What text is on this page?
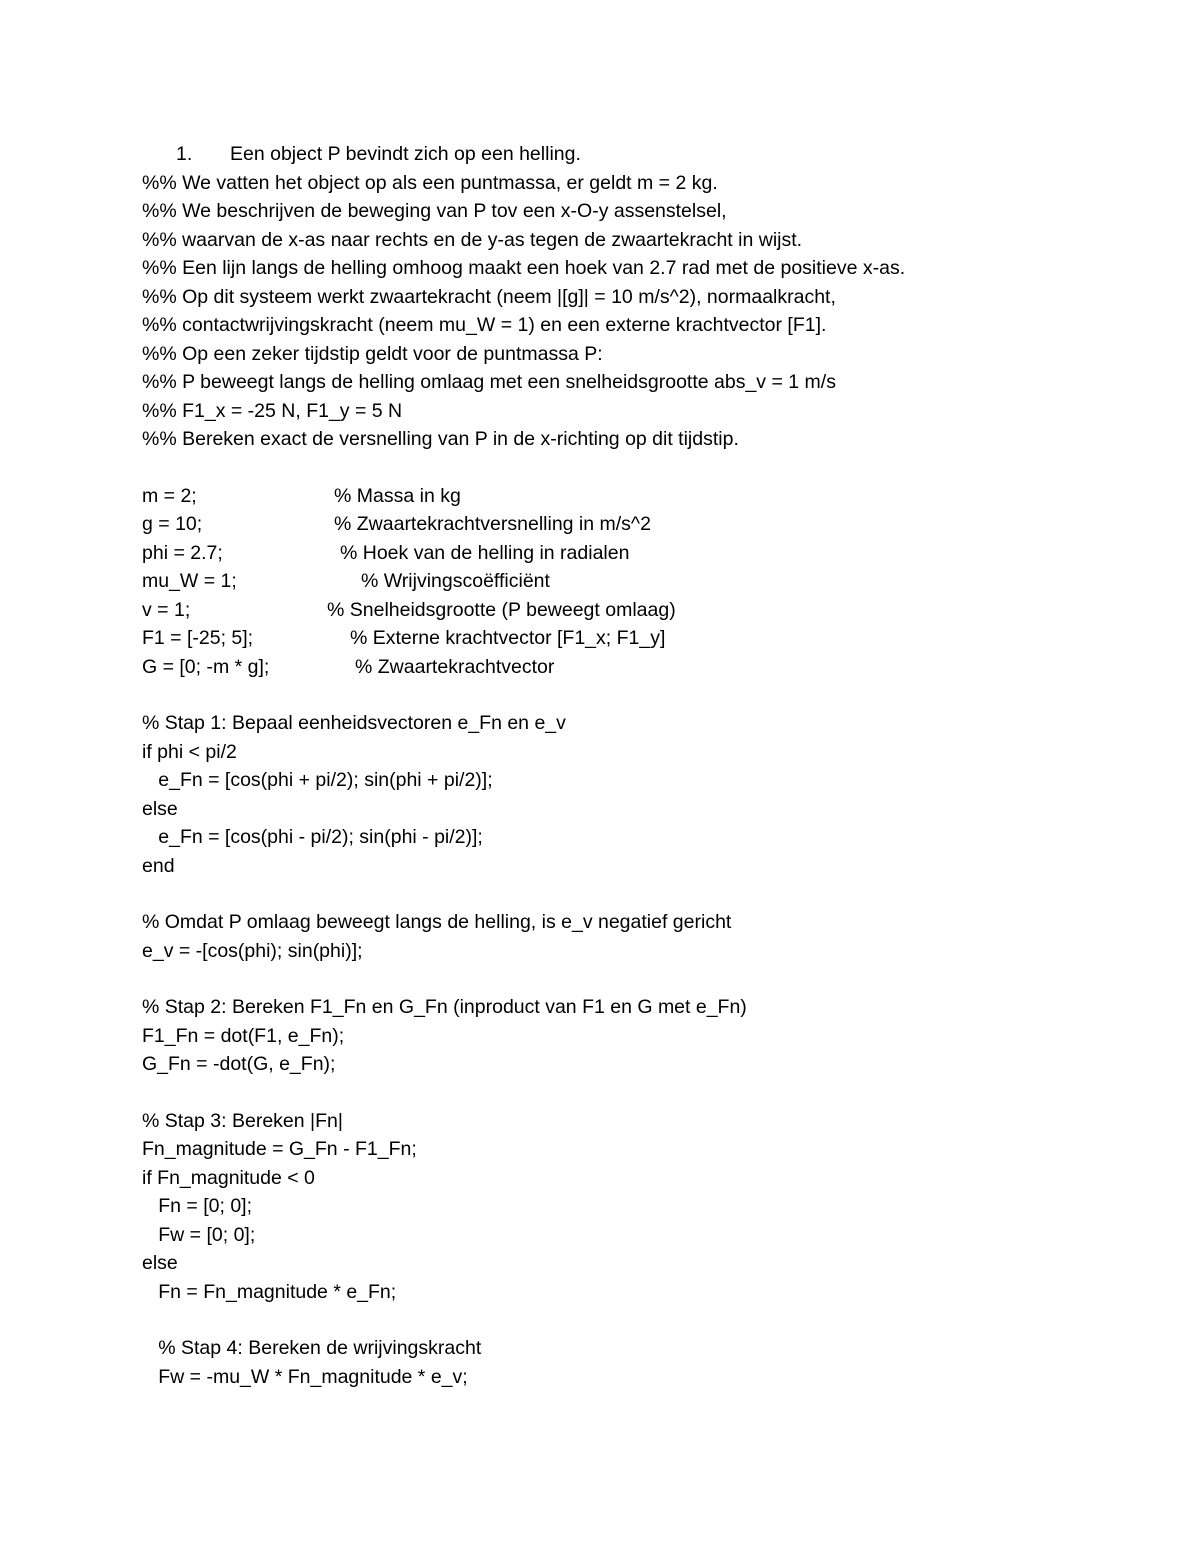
1. Een object P bevindt zich op een helling.
%% We vatten het object op als een puntmassa, er geldt m = 2 kg.
%% We beschrijven de beweging van P tov een x-O-y assenstelsel,
%% waarvan de x-as naar rechts en de y-as tegen de zwaartekracht in wijst.
%% Een lijn langs de helling omhoog maakt een hoek van 2.7 rad met de positieve x-as.
%% Op dit systeem werkt zwaartekracht (neem |[g]| = 10 m/s^2), normaalkracht,
%% contactwrijvingskracht (neem mu_W = 1) en een externe krachtvector [F1].
%% Op een zeker tijdstip geldt voor de puntmassa P:
%% P beweegt langs de helling omlaag met een snelheidsgrootte abs_v = 1 m/s
%% F1_x = -25 N, F1_y = 5 N
%% Bereken exact de versnelling van P in de x-richting op dit tijdstip.
m = 2;	% Massa in kg
g = 10;	% Zwaartekrachtversnelling in m/s^2
phi = 2.7;	% Hoek van de helling in radialen
mu_W = 1;	% Wrijvingscoëfficiënt
v = 1;	% Snelheidsgrootte (P beweegt omlaag)
F1 = [-25; 5];	% Externe krachtvector [F1_x; F1_y]
G = [0; -m * g];	% Zwaartekrachtvector
% Stap 1: Bepaal eenheidsvectoren e_Fn en e_v
if phi < pi/2
e_Fn = [cos(phi + pi/2); sin(phi + pi/2)];
else
e_Fn = [cos(phi - pi/2); sin(phi - pi/2)];
end
% Omdat P omlaag beweegt langs de helling, is e_v negatief gericht
e_v = -[cos(phi); sin(phi)];
% Stap 2: Bereken F1_Fn en G_Fn (inproduct van F1 en G met e_Fn)
F1_Fn = dot(F1, e_Fn);
G_Fn = -dot(G, e_Fn);
% Stap 3: Bereken |Fn|
Fn_magnitude = G_Fn - F1_Fn;
if Fn_magnitude < 0
Fn = [0; 0];
Fw = [0; 0];
else
Fn = Fn_magnitude * e_Fn;
% Stap 4: Bereken de wrijvingskracht
Fw = -mu_W * Fn_magnitude * e_v;
